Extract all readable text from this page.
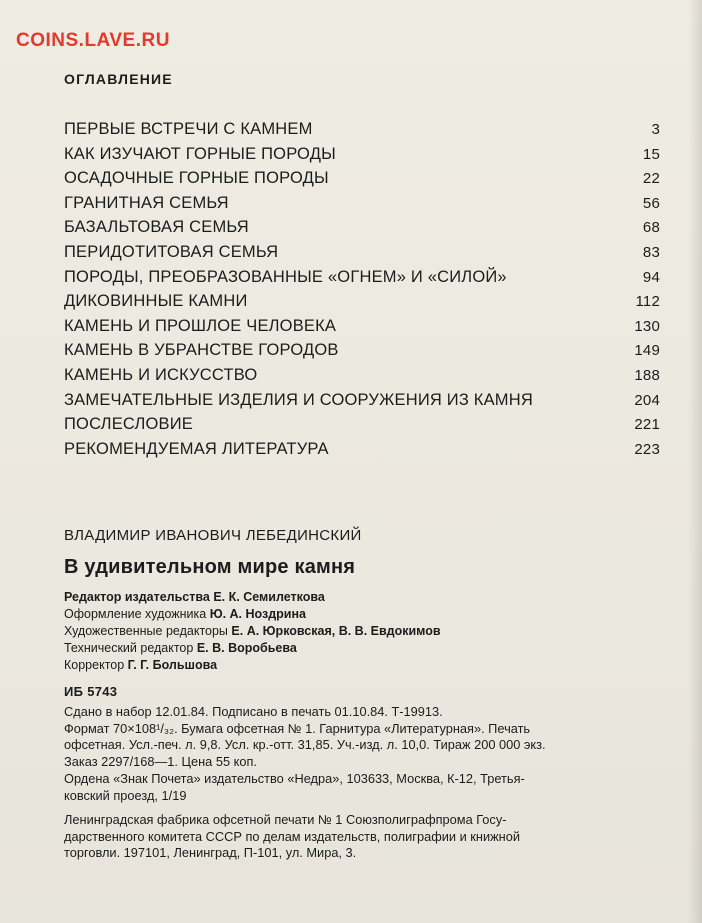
COINS.LAVE.RU
ОГЛАВЛЕНИЕ
ПЕРВЫЕ ВСТРЕЧИ С КАМНЕМ	3
КАК ИЗУЧАЮТ ГОРНЫЕ ПОРОДЫ	15
ОСАДОЧНЫЕ ГОРНЫЕ ПОРОДЫ	22
ГРАНИТНАЯ СЕМЬЯ	56
БАЗАЛЬТОВАЯ СЕМЬЯ	68
ПЕРИДОТИТОВАЯ СЕМЬЯ	83
ПОРОДЫ, ПРЕОБРАЗОВАННЫЕ «ОГНЕМ» И «СИЛОЙ»	94
ДИКОВИННЫЕ КАМНИ	112
КАМЕНЬ И ПРОШЛОЕ ЧЕЛОВЕКА	130
КАМЕНЬ В УБРАНСТВЕ ГОРОДОВ	149
КАМЕНЬ И ИСКУССТВО	188
ЗАМЕЧАТЕЛЬНЫЕ ИЗДЕЛИЯ И СООРУЖЕНИЯ ИЗ КАМНЯ	204
ПОСЛЕСЛОВИЕ	221
РЕКОМЕНДУЕМАЯ ЛИТЕРАТУРА	223
ВЛАДИМИР ИВАНОВИЧ ЛЕБЕДИНСКИЙ
В удивительном мире камня
Редактор издательства Е. К. Семилеткова
Оформление художника Ю. А. Ноздрина
Художественные редакторы Е. А. Юрковская, В. В. Евдокимов
Технический редактор Е. В. Воробьева
Корректор Г. Г. Большова
ИБ 5743
Сдано в набор 12.01.84. Подписано в печать 01.10.84. Т-19913.
Формат 70×108¹/₃₂. Бумага офсетная № 1. Гарнитура «Литературная». Печать
офсетная. Усл.-печ. л. 9,8. Усл. кр.-отт. 31,85. Уч.-изд. л. 10,0. Тираж 200 000 экз.
Заказ 2297/168—1. Цена 55 коп.
Ордена «Знак Почета» издательство «Недра», 103633, Москва, К-12, Третья-
ковский проезд, 1/19
Ленинградская фабрика офсетной печати № 1 Союзполиграфпрома Госу-
дарственного комитета СССР по делам издательств, полиграфии и книжной
торговли. 197101, Ленинград, П-101, ул. Мира, 3.
